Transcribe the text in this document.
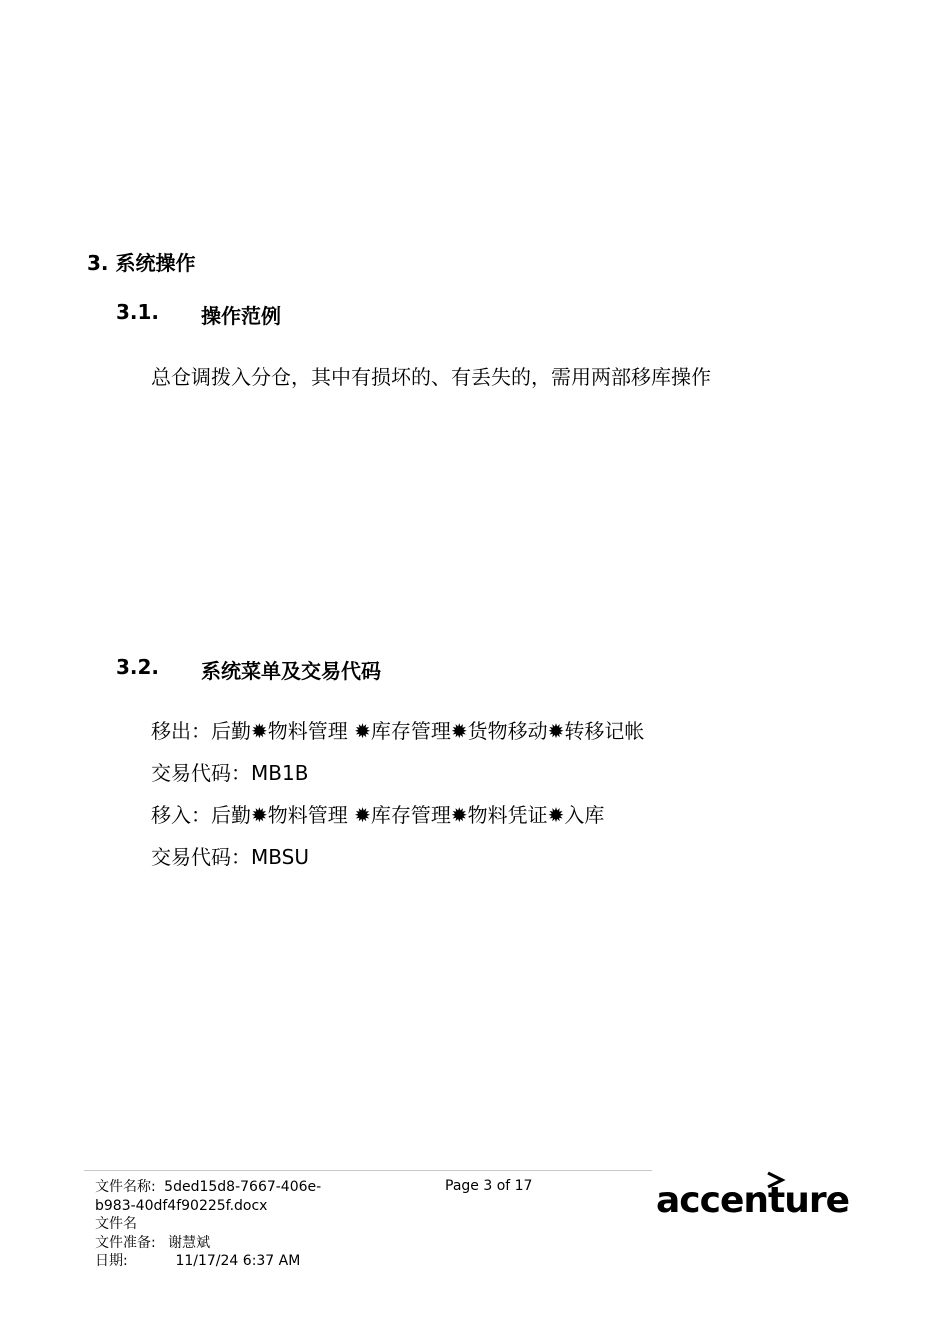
3. 系统操作
3.1. 操作范例
总仓调拨入分仓，其中有损坏的、有丢失的，需用两部移库操作
3.2. 系统菜单及交易代码
移出：后勤✹物料管理 ✹库存管理✹货物移动✹转移记帐
交易代码：MB1B
移入：后勤✹物料管理 ✹库存管理✹物料凭证✹入库
交易代码：MBSU
文件名称: 5ded15d8-7667-406e-
b983-40df4f90225f.docx
文件名
文件准备: 谢慧斌
日期:	11/17/24 6:37 AM
Page 3 of 17	accenture
